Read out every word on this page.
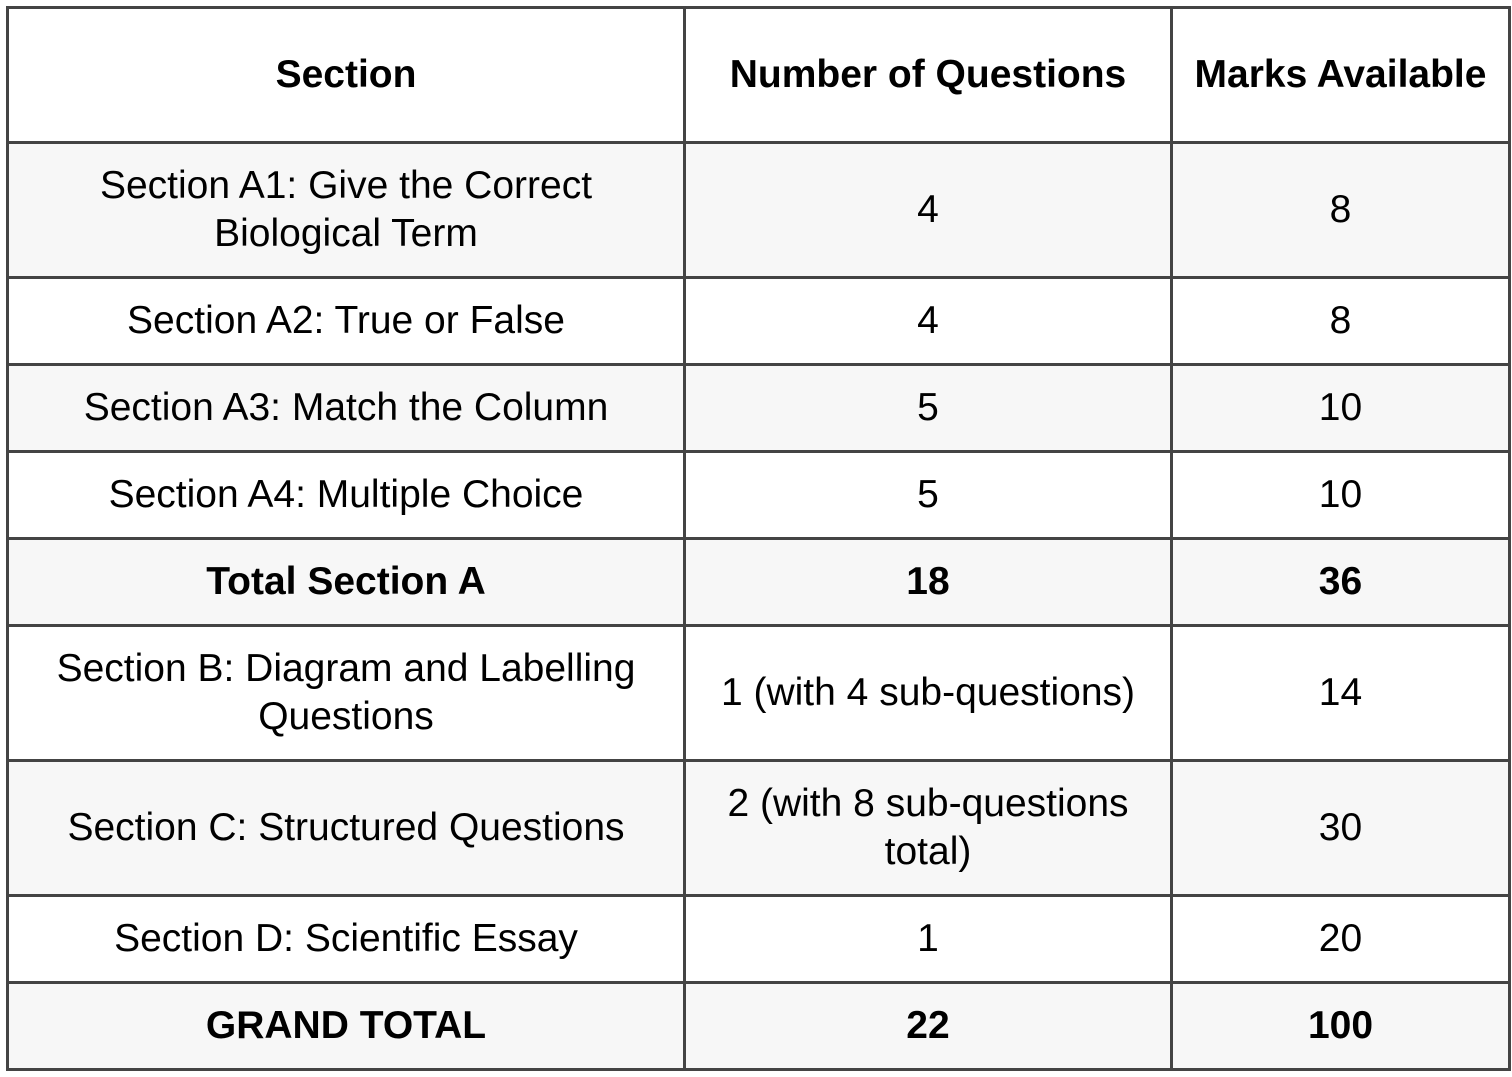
Section	Number of Questions	Marks Available
Section A1: Give the Correct Biological Term	4	8
Section A2: True or False	4	8
Section A3: Match the Column	5	10
Section A4: Multiple Choice	5	10
Total Section A	18	36
Section B: Diagram and Labelling Questions	1 (with 4 sub-questions)	14
Section C: Structured Questions	2 (with 8 sub-questions total)	30
Section D: Scientific Essay	1	20
GRAND TOTAL	22	100
